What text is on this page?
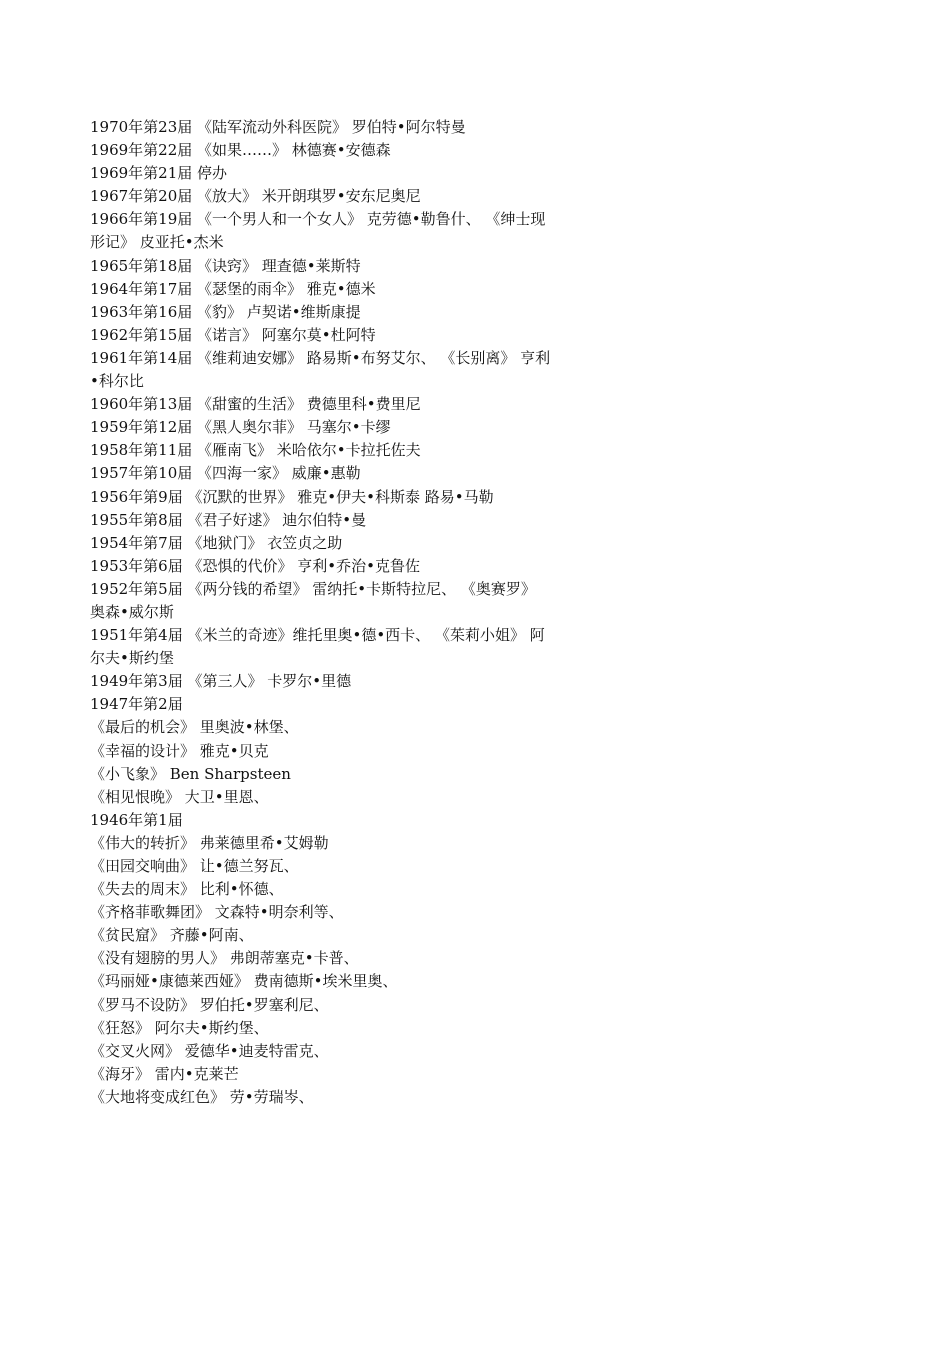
1970年第23届 《陆军流动外科医院》 罗伯特•阿尔特曼
1969年第22届 《如果……》 林德赛•安德森
1969年第21届 停办
1967年第20届 《放大》 米开朗琪罗•安东尼奥尼
1966年第19届 《一个男人和一个女人》 克劳德•勒鲁什、 《绅士现
形记》 皮亚托•杰米
1965年第18届 《诀窍》 理查德•莱斯特
1964年第17届 《瑟堡的雨伞》 雅克•德米
1963年第16届 《豹》 卢契诺•维斯康提
1962年第15届 《诺言》 阿塞尔莫•杜阿特
1961年第14届 《维莉迪安娜》 路易斯•布努艾尔、 《长别离》 亨利
•科尔比
1960年第13届 《甜蜜的生活》 费德里科•费里尼
1959年第12届 《黑人奥尔菲》 马塞尔•卡缪
1958年第11届 《雁南飞》 米哈依尔•卡拉托佐夫
1957年第10届 《四海一家》 威廉•惠勒
1956年第9届 《沉默的世界》 雅克•伊夫•科斯泰 路易•马勒
1955年第8届 《君子好逑》 迪尔伯特•曼
1954年第7届 《地狱门》 衣笠贞之助
1953年第6届 《恐惧的代价》 亨利•乔治•克鲁佐
1952年第5届 《两分钱的希望》 雷纳托•卡斯特拉尼、 《奥赛罗》
奥森•威尔斯
1951年第4届 《米兰的奇迹》维托里奥•德•西卡、 《茱莉小姐》 阿
尔夫•斯约堡
1949年第3届 《第三人》 卡罗尔•里德
1947年第2届
《最后的机会》 里奥波•林堡、
《幸福的设计》 雅克•贝克
《小飞象》 Ben Sharpsteen
《相见恨晚》 大卫•里恩、
1946年第1届
《伟大的转折》 弗莱德里希•艾姆勒
《田园交响曲》 让•德兰努瓦、
《失去的周末》 比利•怀德、
《齐格菲歌舞团》 文森特•明奈利等、
《贫民窟》 齐藤•阿南、
《没有翅膀的男人》 弗朗蒂塞克•卡普、
《玛丽娅•康德莱西娅》 费南德斯•埃米里奥、
《罗马不设防》 罗伯托•罗塞利尼、
《狂怒》 阿尔夫•斯约堡、
《交叉火网》 爱德华•迪麦特雷克、
《海牙》 雷内•克莱芒
《大地将变成红色》 劳•劳瑞岑、
